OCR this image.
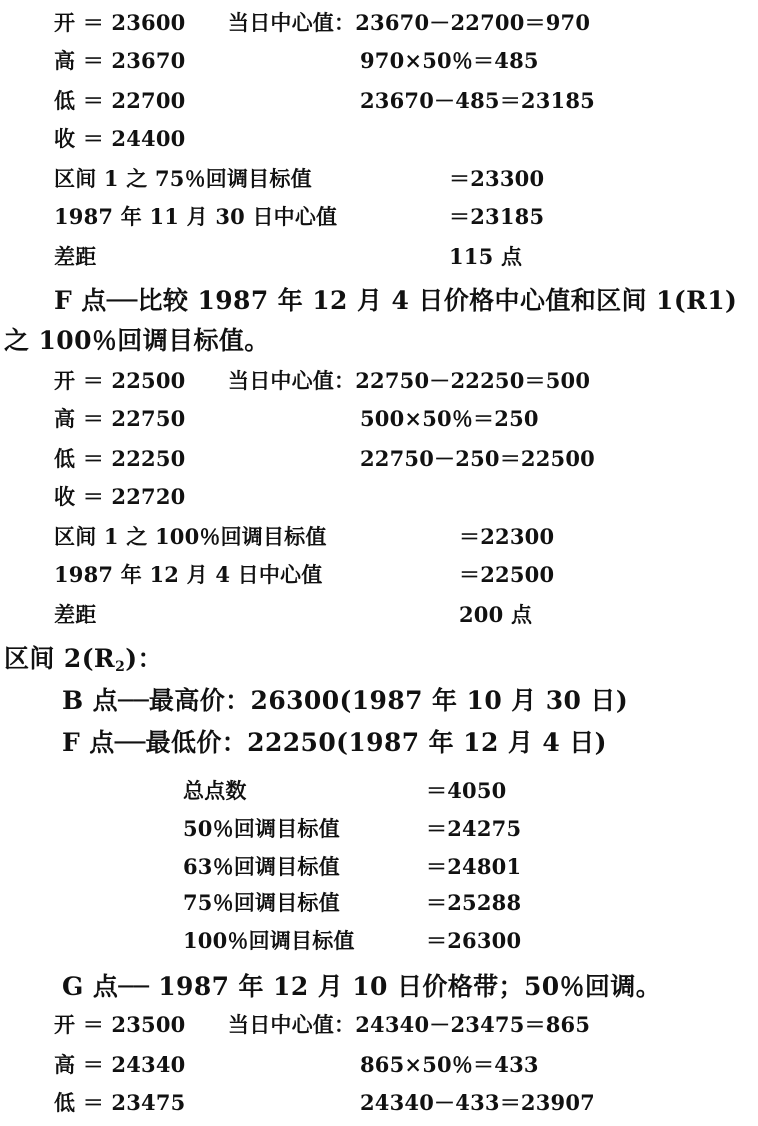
开 ＝ 23600 当日中心值：23670－22700＝970
高 ＝ 23670	970×50％＝485
低 ＝ 22700	23670－485＝23185
收 ＝ 24400
区间 1 之 75％回调目标值	＝23300
1987 年 11 月 30 日中心值	＝23185
差距	115 点
F 点──比较 1987 年 12 月 4 日价格中心值和区间 1(R1)
之 100％回调目标值。
开 ＝ 22500 当日中心值：22750－22250＝500
高 ＝ 22750	500×50％＝250
低 ＝ 22250	22750－250＝22500
收 ＝ 22720
区间 1 之 100％回调目标值	＝22300
1987 年 12 月 4 日中心值	＝22500
差距	200 点
区间 $2(R_2)$：
B 点──最高价：26300(1987 年 10 月 30 日)
F 点──最低价：22250(1987 年 12 月 4 日)
总点数	＝4050
50％回调目标值	＝24275
63％回调目标值	＝24801
75％回调目标值	＝25288
100％回调目标值	＝26300
G 点── 1987 年 12 月 10 日价格带；50％回调。
开 ＝ 23500 当日中心值：24340－23475＝865
高 ＝ 24340	865×50％＝433
低 ＝ 23475	24340－433＝23907
